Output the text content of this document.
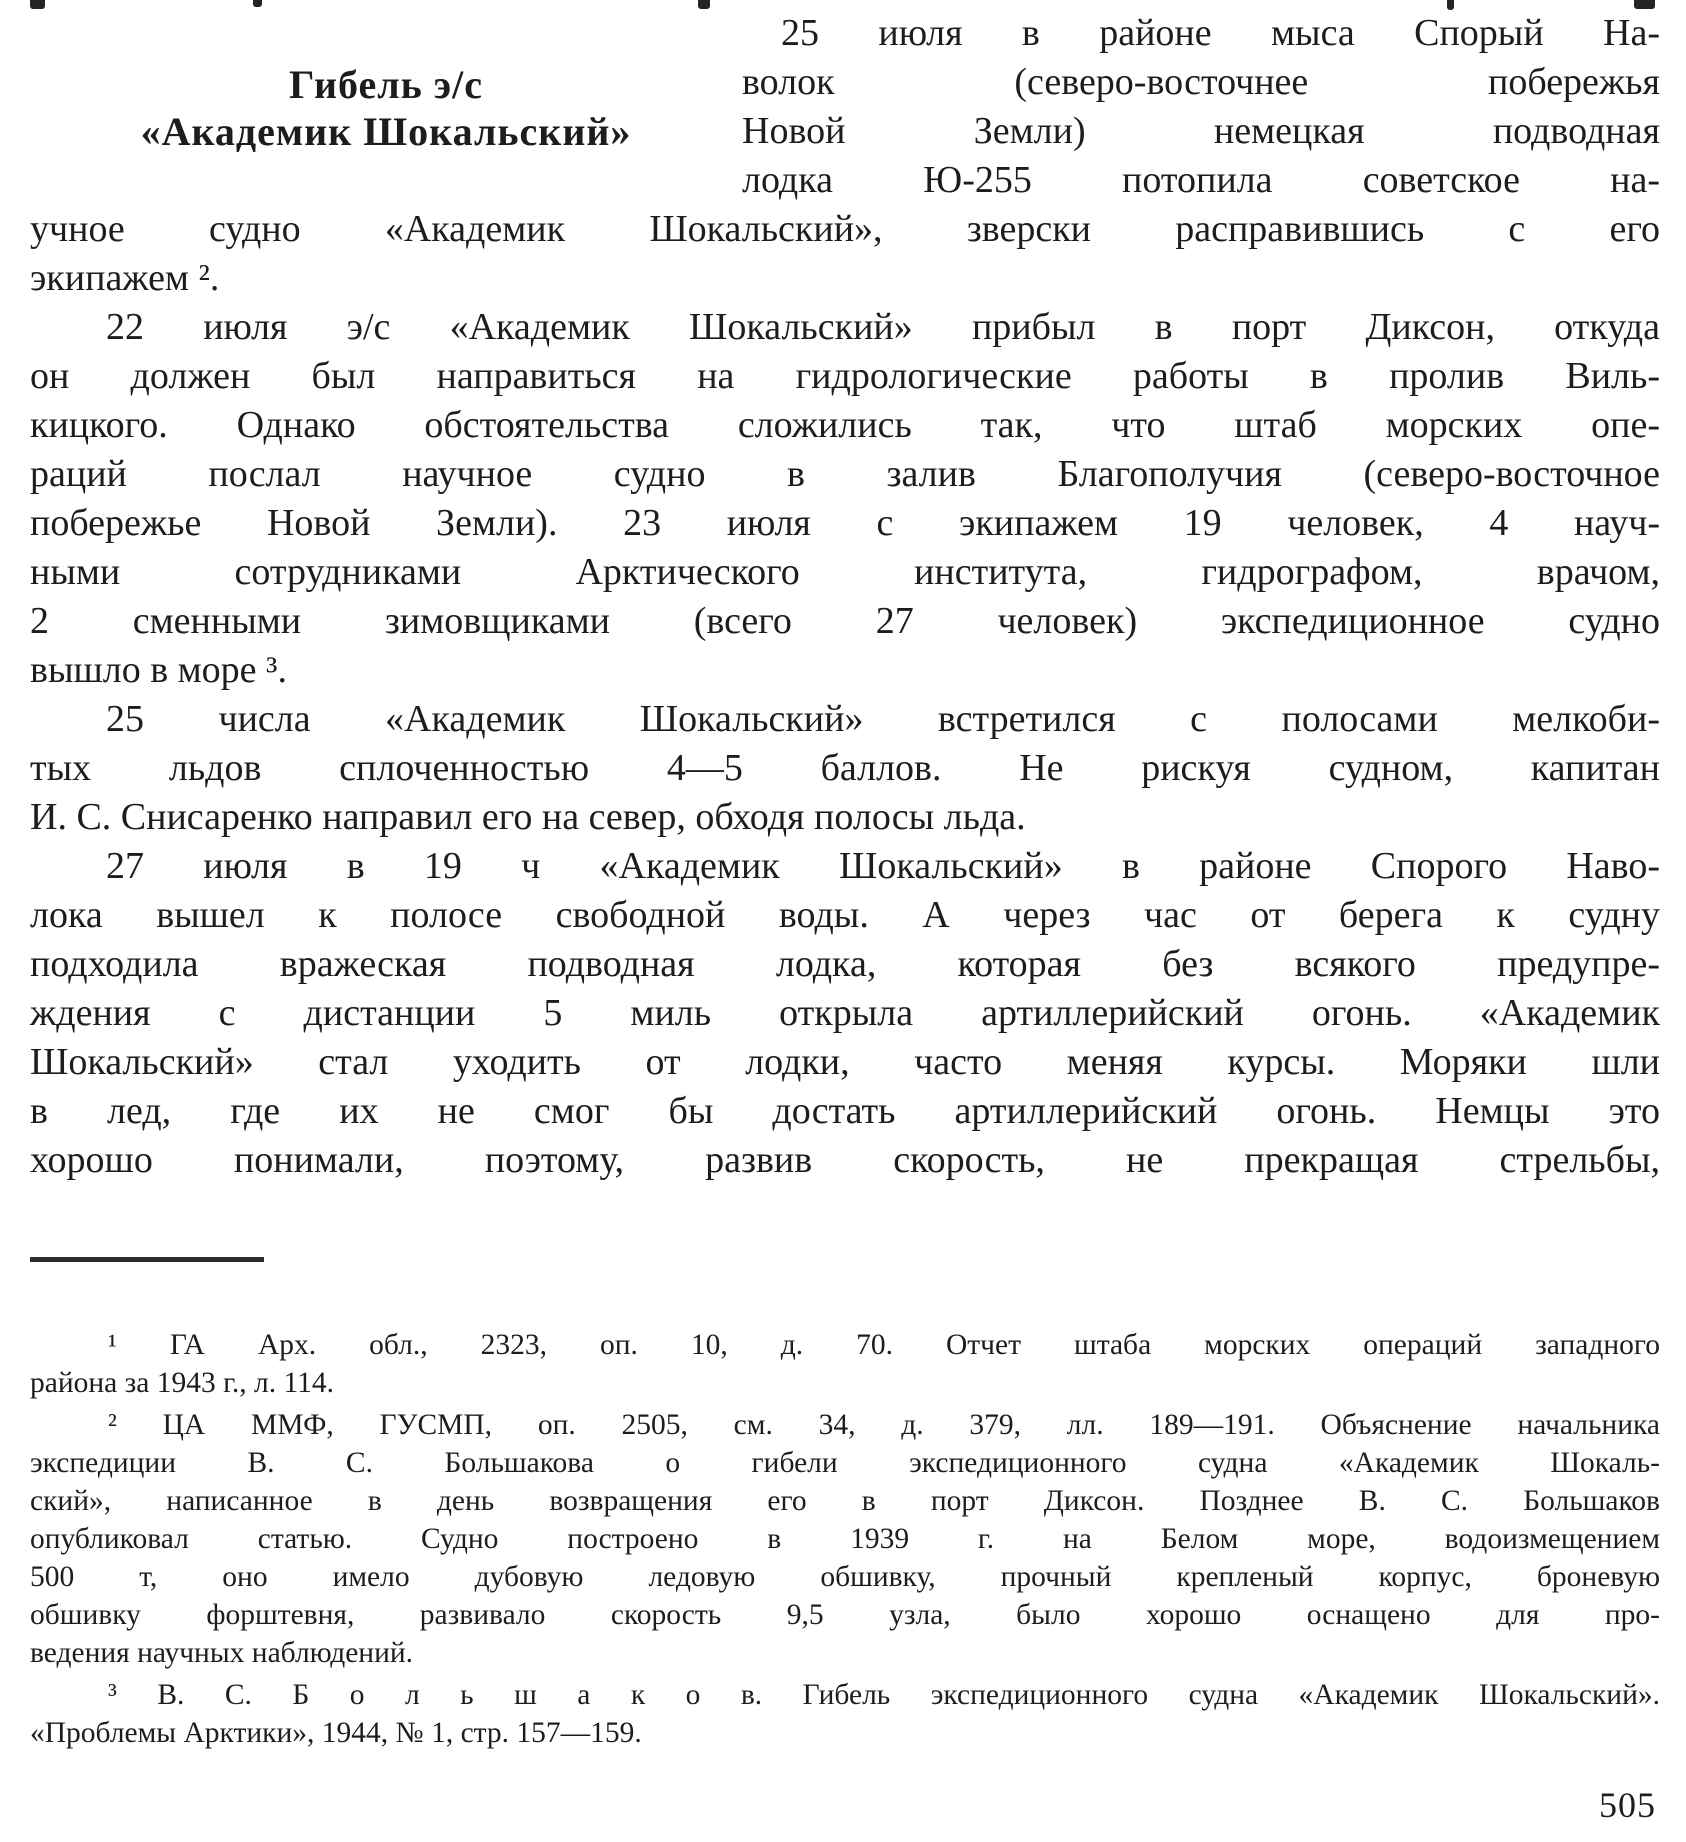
Гибель э/с
«Академик Шокальский»
25 июля в районе мыса Спорый На-
волок (северо-восточнее побережья
Новой Земли) немецкая подводная
лодка Ю-255 потопила советское на-
учное судно «Академик Шокальский», зверски расправившись с его
экипажем ².
22 июля э/с «Академик Шокальский» прибыл в порт Диксон, откуда
он должен был направиться на гидрологические работы в пролив Виль-
кицкого. Однако обстоятельства сложились так, что штаб морских опе-
раций послал научное судно в залив Благополучия (северо-восточное
побережье Новой Земли). 23 июля с экипажем 19 человек, 4 науч-
ными сотрудниками Арктического института, гидрографом, врачом,
2 сменными зимовщиками (всего 27 человек) экспедиционное судно
вышло в море ³.
25 числа «Академик Шокальский» встретился с полосами мелкоби-
тых льдов сплоченностью 4—5 баллов. Не рискуя судном, капитан
И. С. Снисаренко направил его на север, обходя полосы льда.
27 июля в 19 ч «Академик Шокальский» в районе Спорого Наво-
лока вышел к полосе свободной воды. А через час от берега к судну
подходила вражеская подводная лодка, которая без всякого предупре-
ждения с дистанции 5 миль открыла артиллерийский огонь. «Академик
Шокальский» стал уходить от лодки, часто меняя курсы. Моряки шли
в лед, где их не смог бы достать артиллерийский огонь. Немцы это
хорошо понимали, поэтому, развив скорость, не прекращая стрельбы,
¹ ГА Арх. обл., 2323, оп. 10, д. 70. Отчет штаба морских операций западного
района за 1943 г., л. 114.
² ЦА ММФ, ГУСМП, оп. 2505, см. 34, д. 379, лл. 189—191. Объяснение начальника
экспедиции В. С. Большакова о гибели экспедиционного судна «Академик Шокаль-
ский», написанное в день возвращения его в порт Диксон. Позднее В. С. Большаков
опубликовал статью. Судно построено в 1939 г. на Белом море, водоизмещением
500 т, оно имело дубовую ледовую обшивку, прочный крепленый корпус, броневую
обшивку форштевня, развивало скорость 9,5 узла, было хорошо оснащено для про-
ведения научных наблюдений.
³ В. С. Б о л ь ш а к о в. Гибель экспедиционного судна «Академик Шокальский».
«Проблемы Арктики», 1944, № 1, стр. 157—159.
505
